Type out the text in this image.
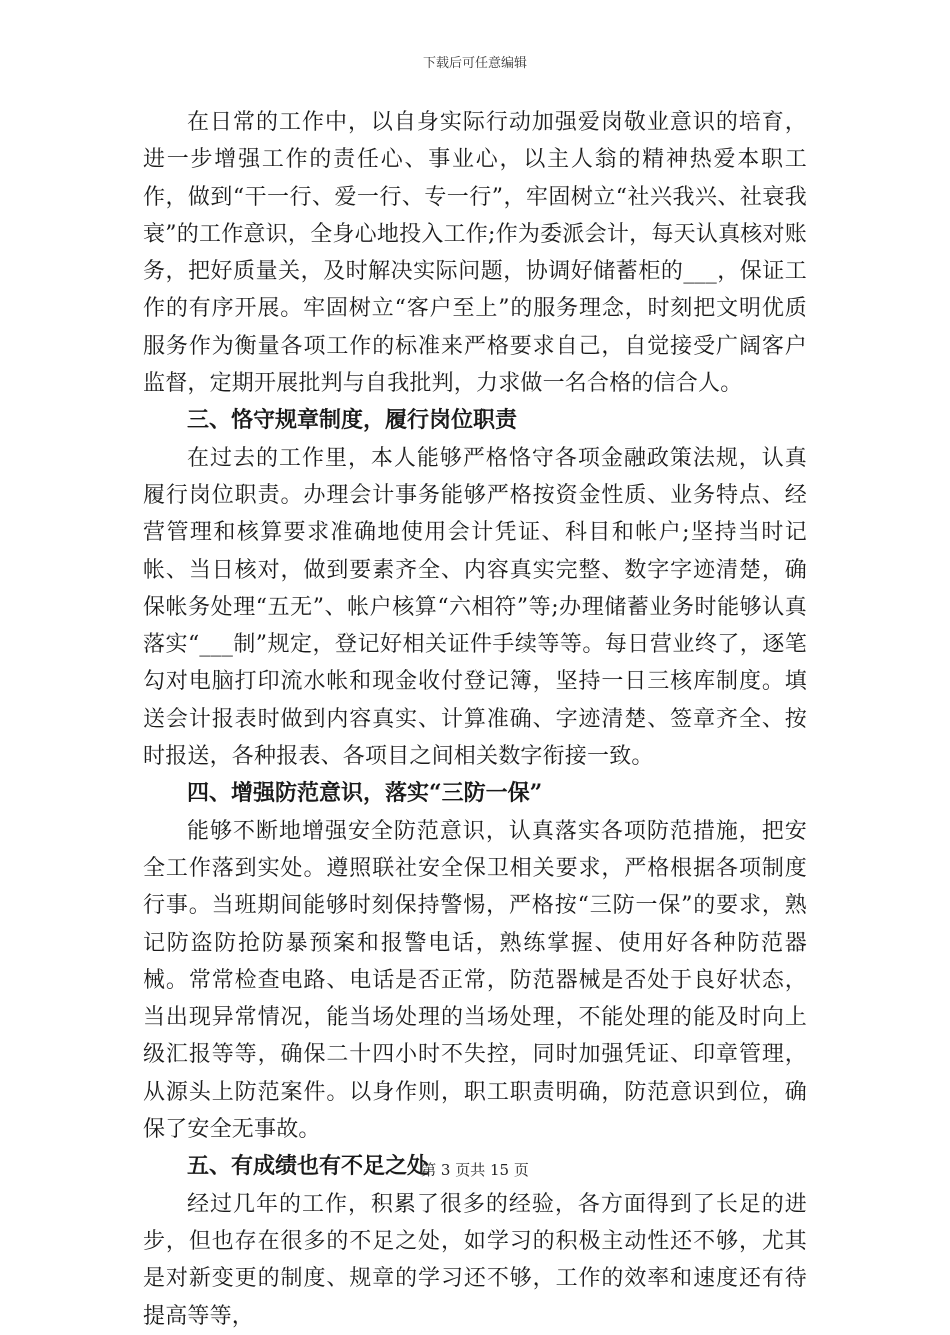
下载后可任意编辑

在日常的工作中，以自身实际行动加强爱岗敬业意识的培育，进一步增强工作的责任心、事业心，以主人翁的精神热爱本职工作，做到“干一行、爱一行、专一行”，牢固树立“社兴我兴、社衰我衰”的工作意识，全身心地投入工作;作为委派会计，每天认真核对账务，把好质量关，及时解决实际问题，协调好储蓄柜的___，保证工作的有序开展。牢固树立“客户至上”的服务理念，时刻把文明优质服务作为衡量各项工作的标准来严格要求自己，自觉接受广阔客户监督，定期开展批判与自我批判，力求做一名合格的信合人。

三、恪守规章制度，履行岗位职责

在过去的工作里，本人能够严格恪守各项金融政策法规，认真履行岗位职责。办理会计事务能够严格按资金性质、业务特点、经营管理和核算要求准确地使用会计凭证、科目和帐户;坚持当时记帐、当日核对，做到要素齐全、内容真实完整、数字字迹清楚，确保帐务处理“五无”、帐户核算“六相符”等;办理储蓄业务时能够认真落实“___制”规定，登记好相关证件手续等等。每日营业终了，逐笔勾对电脑打印流水帐和现金收付登记簿，坚持一日三核库制度。填送会计报表时做到内容真实、计算准确、字迹清楚、签章齐全、按时报送，各种报表、各项目之间相关数字衔接一致。

四、增强防范意识，落实“三防一保”

能够不断地增强安全防范意识，认真落实各项防范措施，把安全工作落到实处。遵照联社安全保卫相关要求，严格根据各项制度行事。当班期间能够时刻保持警惕，严格按“三防一保”的要求，熟记防盗防抢防暴预案和报警电话，熟练掌握、使用好各种防范器械。常常检查电路、电话是否正常，防范器械是否处于良好状态，当出现异常情况，能当场处理的当场处理，不能处理的能及时向上级汇报等等，确保二十四小时不失控，同时加强凭证、印章管理，从源头上防范案件。以身作则，职工职责明确，防范意识到位，确保了安全无事故。

五、有成绩也有不足之处

经过几年的工作，积累了很多的经验，各方面得到了长足的进步，但也存在很多的不足之处，如学习的积极主动性还不够，尤其是对新变更的制度、规章的学习还不够，工作的效率和速度还有待提高等等，

第 3 页共 15 页
